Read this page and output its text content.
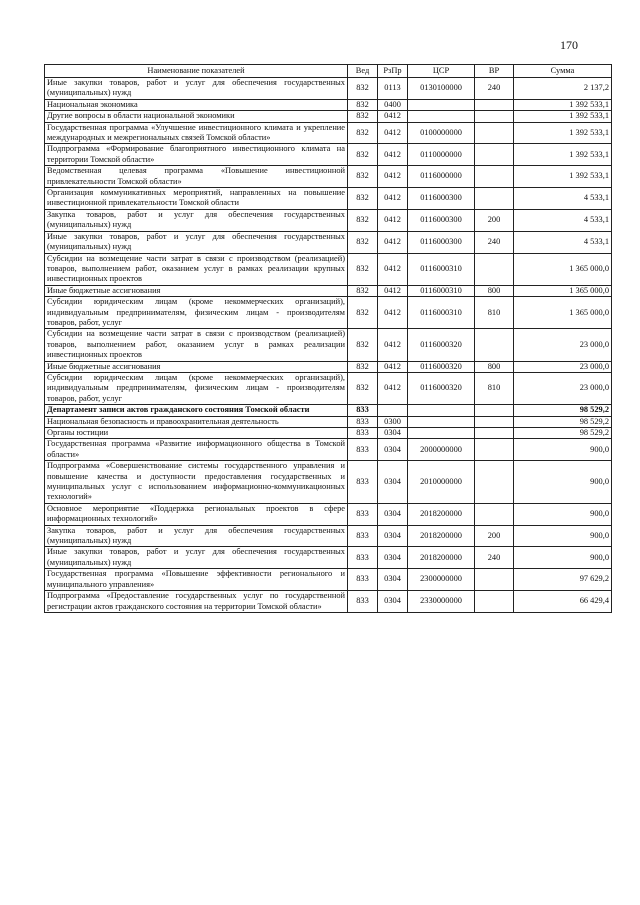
170
Наименование показателей	Вед	РзПр	ЦСР	ВР	Сумма
Иные закупки товаров, работ и услуг для обеспечения государственных (муниципальных) нужд	832	0113	0130100000	240	2 137,2
Национальная экономика	832	0400			1 392 533,1
Другие вопросы в области национальной экономики	832	0412			1 392 533,1
Государственная программа «Улучшение инвестиционного климата и укрепление международных и межрегиональных связей Томской области»	832	0412	0100000000		1 392 533,1
Подпрограмма «Формирование благоприятного инвестиционного климата на территории Томской области»	832	0412	0110000000		1 392 533,1
Ведомственная целевая программа «Повышение инвестиционной привлекательности Томской области»	832	0412	0116000000		1 392 533,1
Организация коммуникативных мероприятий, направленных на повышение инвестиционной привлекательности Томской области	832	0412	0116000300		4 533,1
Закупка товаров, работ и услуг для обеспечения государственных (муниципальных) нужд	832	0412	0116000300	200	4 533,1
Иные закупки товаров, работ и услуг для обеспечения государственных (муниципальных) нужд	832	0412	0116000300	240	4 533,1
Субсидии на возмещение части затрат в связи с производством (реализацией) товаров, выполнением работ, оказанием услуг в рамках реализации крупных инвестиционных проектов	832	0412	0116000310		1 365 000,0
Иные бюджетные ассигнования	832	0412	0116000310	800	1 365 000,0
Субсидии юридическим лицам (кроме некоммерческих организаций), индивидуальным предпринимателям, физическим лицам - производителям товаров, работ, услуг	832	0412	0116000310	810	1 365 000,0
Субсидии на возмещение части затрат в связи с производством (реализацией) товаров, выполнением работ, оказанием услуг в рамках реализации инвестиционных проектов	832	0412	0116000320		23 000,0
Иные бюджетные ассигнования	832	0412	0116000320	800	23 000,0
Субсидии юридическим лицам (кроме некоммерческих организаций), индивидуальным предпринимателям, физическим лицам - производителям товаров, работ, услуг	832	0412	0116000320	810	23 000,0
Департамент записи актов гражданского состояния Томской области	833				98 529,2
Национальная безопасность и правоохранительная деятельность	833	0300			98 529,2
Органы юстиции	833	0304			98 529,2
Государственная программа «Развитие информационного общества в Томской области»	833	0304	2000000000		900,0
Подпрограмма «Совершенствование системы государственного управления и повышение качества и доступности предоставления государственных и муниципальных услуг с использованием информационно-коммуникационных технологий»	833	0304	2010000000		900,0
Основное мероприятие «Поддержка региональных проектов в сфере информационных технологий»	833	0304	2018200000		900,0
Закупка товаров, работ и услуг для обеспечения государственных (муниципальных) нужд	833	0304	2018200000	200	900,0
Иные закупки товаров, работ и услуг для обеспечения государственных (муниципальных) нужд	833	0304	2018200000	240	900,0
Государственная программа «Повышение эффективности регионального и муниципального управления»	833	0304	2300000000		97 629,2
Подпрограмма «Предоставление государственных услуг по государственной регистрации актов гражданского состояния на территории Томской области»	833	0304	2330000000		66 429,4
